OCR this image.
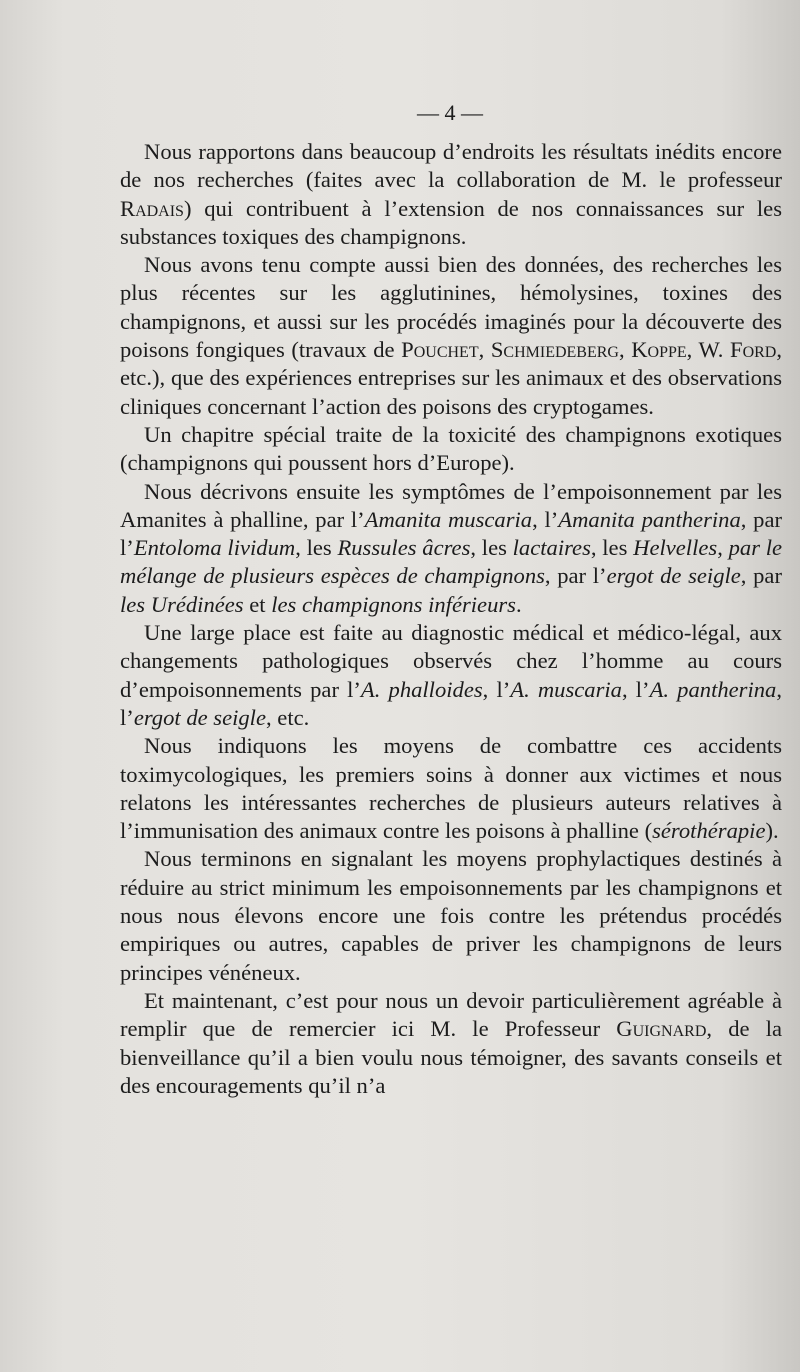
— 4 —

Nous rapportons dans beaucoup d’endroits les résultats inédits encore de nos recherches (faites avec la collaboration de M. le professeur Radais) qui contribuent à l’extension de nos connaissances sur les substances toxiques des champignons.

Nous avons tenu compte aussi bien des données, des recherches les plus récentes sur les agglutinines, hémolysines, toxines des champignons, et aussi sur les procédés imaginés pour la découverte des poisons fongiques (travaux de Pouchet, Schmiedeberg, Koppe, W. Ford, etc.), que des expériences entreprises sur les animaux et des observations cliniques concernant l’action des poisons des cryptogames.

Un chapitre spécial traite de la toxicité des champignons exotiques (champignons qui poussent hors d’Europe).

Nous décrivons ensuite les symptômes de l’empoisonnement par les Amanites à phalline, par l’Amanita muscaria, l’Amanita pantherina, par l’Entoloma lividum, les Russules âcres, les lactaires, les Helvelles, par le mélange de plusieurs espèces de champignons, par l’ergot de seigle, par les Urédinées et les champignons inférieurs.

Une large place est faite au diagnostic médical et médico-légal, aux changements pathologiques observés chez l’homme au cours d’empoisonnements par l’A. phalloides, l’A. muscaria, l’A. pantherina, l’ergot de seigle, etc.

Nous indiquons les moyens de combattre ces accidents toximycologiques, les premiers soins à donner aux victimes et nous relatons les intéressantes recherches de plusieurs auteurs relatives à l’immunisation des animaux contre les poisons à phalline (sérothérapie).

Nous terminons en signalant les moyens prophylactiques destinés à réduire au strict minimum les empoisonnements par les champignons et nous nous élevons encore une fois contre les prétendus procédés empiriques ou autres, capables de priver les champignons de leurs principes vénéneux.

Et maintenant, c’est pour nous un devoir particulièrement agréable à remplir que de remercier ici M. le Professeur Guignard, de la bienveillance qu’il a bien voulu nous témoigner, des savants conseils et des encouragements qu’il n’a
